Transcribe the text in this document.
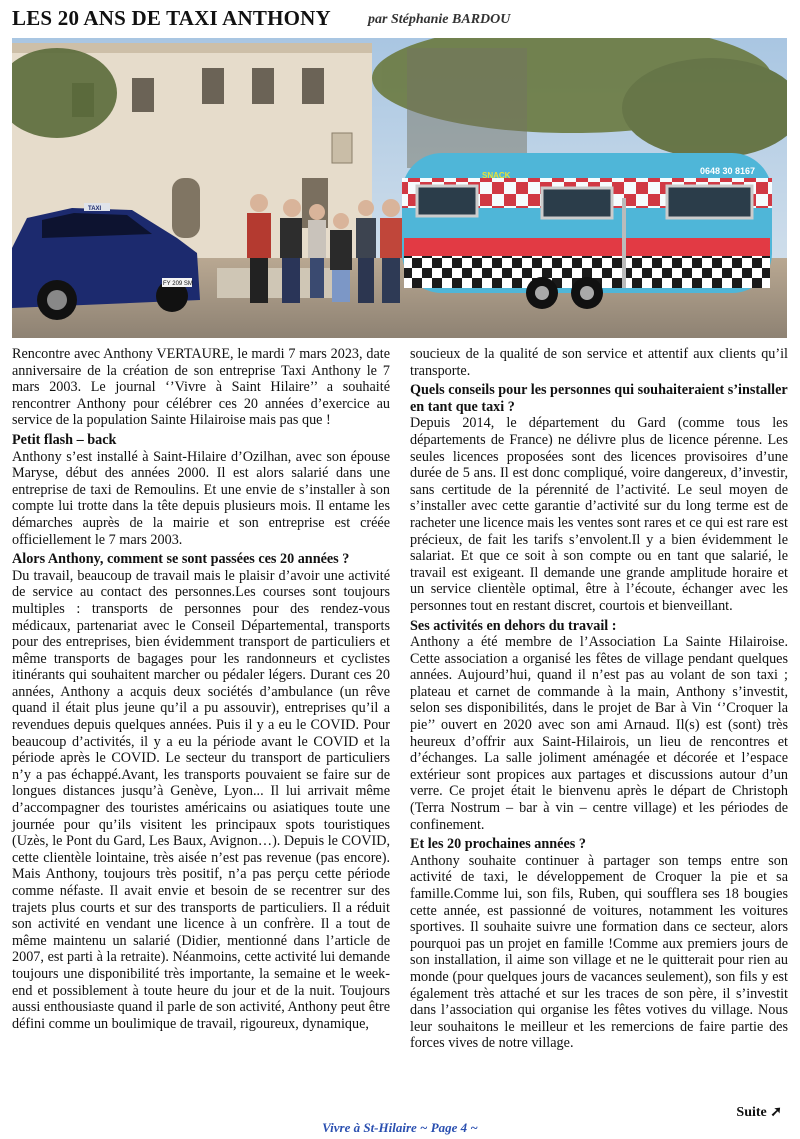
LES 20 ANS DE TAXI ANTHONY	par Stéphanie BARDOU
TAXI
FY 209 SM
SNACK	0648 30 8167

Rencontre avec Anthony VERTAURE, le mardi 7 mars 2023, date anniversaire de la création de son entreprise Taxi Anthony le 7 mars 2003. Le journal ‘’Vivre à Saint Hilaire’’ a souhaité rencontrer Anthony pour célébrer ces 20 années d’exercice au service de la population Sainte Hilairoise mais pas que !

Petit flash – back

Anthony s’est installé à Saint-Hilaire d’Ozilhan, avec son épouse Maryse, début des années 2000. Il est alors salarié dans une entreprise de taxi de Remoulins. Et une envie de s’installer à son compte lui trotte dans la tête depuis plusieurs mois. Il entame les démarches auprès de la mairie et son entreprise est créée officiellement le 7 mars 2003.

Alors Anthony, comment se sont passées ces 20 années ?

Du travail, beaucoup de travail mais le plaisir d’avoir une activité de service au contact des personnes.Les courses sont toujours multiples : transports de personnes pour des rendez-vous médicaux, partenariat avec le Conseil Départemental, transports pour des entreprises, bien évidemment transport de particuliers et même transports de bagages pour les randonneurs et cyclistes itinérants qui souhaitent marcher ou pédaler légers. Durant ces 20 années, Anthony a acquis deux sociétés d’ambulance (un rêve quand il était plus jeune qu’il a pu assouvir), entreprises qu’il a revendues depuis quelques années. Puis il y a eu le COVID. Pour beaucoup d’activités, il y a eu la période avant le COVID et la période après le COVID. Le secteur du transport de particuliers n’y a pas échappé.Avant, les transports pouvaient se faire sur de longues distances jusqu’à Genève, Lyon... Il lui arrivait même d’accompagner des touristes américains ou asiatiques toute une journée pour qu’ils visitent les principaux spots touristiques (Uzès, le Pont du Gard, Les Baux, Avignon…). Depuis le COVID, cette clientèle lointaine, très aisée n’est pas revenue (pas encore). Mais Anthony, toujours très positif, n’a pas perçu cette période comme néfaste. Il avait envie et besoin de se recentrer sur des trajets plus courts et sur des transports de particuliers. Il a réduit son activité en vendant une licence à un confrère. Il a tout de même maintenu un salarié (Didier, mentionné dans l’article de 2007, est parti à la retraite). Néanmoins, cette activité lui demande toujours une disponibilité très importante, la semaine et le week-end et possiblement à toute heure du jour et de la nuit. Toujours aussi enthousiaste quand il parle de son activité, Anthony peut être défini comme un boulimique de travail, rigoureux, dynamique,

soucieux de la qualité de son service et attentif aux clients qu’il transporte.

Quels conseils pour les personnes qui souhaiteraient s’installer en tant que taxi ?

Depuis 2014, le département du Gard (comme tous les départements de France) ne délivre plus de licence pérenne. Les seules licences proposées sont des licences provisoires d’une durée de 5 ans. Il est donc compliqué, voire dangereux, d’investir, sans certitude de la pérennité de l’activité. Le seul moyen de s’installer avec cette garantie d’activité sur du long terme est de racheter une licence mais les ventes sont rares et ce qui est rare est précieux, de fait les tarifs s’envolent.Il y a bien évidemment le salariat. Et que ce soit à son compte ou en tant que salarié, le travail est exigeant. Il demande une grande amplitude horaire et un service clientèle optimal, être à l’écoute, échanger avec les personnes tout en restant discret, courtois et bienveillant.

Ses activités en dehors du travail :

Anthony a été membre de l’Association La Sainte Hilairoise. Cette association a organisé les fêtes de village pendant quelques années. Aujourd’hui, quand il n’est pas au volant de son taxi ; plateau et carnet de commande à la main, Anthony s’investit, selon ses disponibilités, dans le projet de Bar à Vin ‘’Croquer la pie’’ ouvert en 2020 avec son ami Arnaud. Il(s) est (sont) très heureux d’offrir aux Saint-Hilairois, un lieu de rencontres et d’échanges. La salle joliment aménagée et décorée et l’espace extérieur sont propices aux partages et discussions autour d’un verre. Ce projet était le bienvenu après le départ de Christoph (Terra Nostrum – bar à vin – centre village) et les périodes de confinement.

Et les 20 prochaines années ?

Anthony souhaite continuer à partager son temps entre son activité de taxi, le développement de Croquer la pie et sa famille.Comme lui, son fils, Ruben, qui soufflera ses 18 bougies cette année, est passionné de voitures, notamment les voitures sportives. Il souhaite suivre une formation dans ce secteur, alors pourquoi pas un projet en famille !Comme aux premiers jours de son installation, il aime son village et ne le quitterait pour rien au monde (pour quelques jours de vacances seulement), son fils y est également très attaché et sur les traces de son père, il s’investit dans l’association qui organise les fêtes votives du village. Nous leur souhaitons le meilleur et les remercions de faire partie des forces vives de notre village.

Suite ➚
Vivre à St-Hilaire ~ Page 4 ~
